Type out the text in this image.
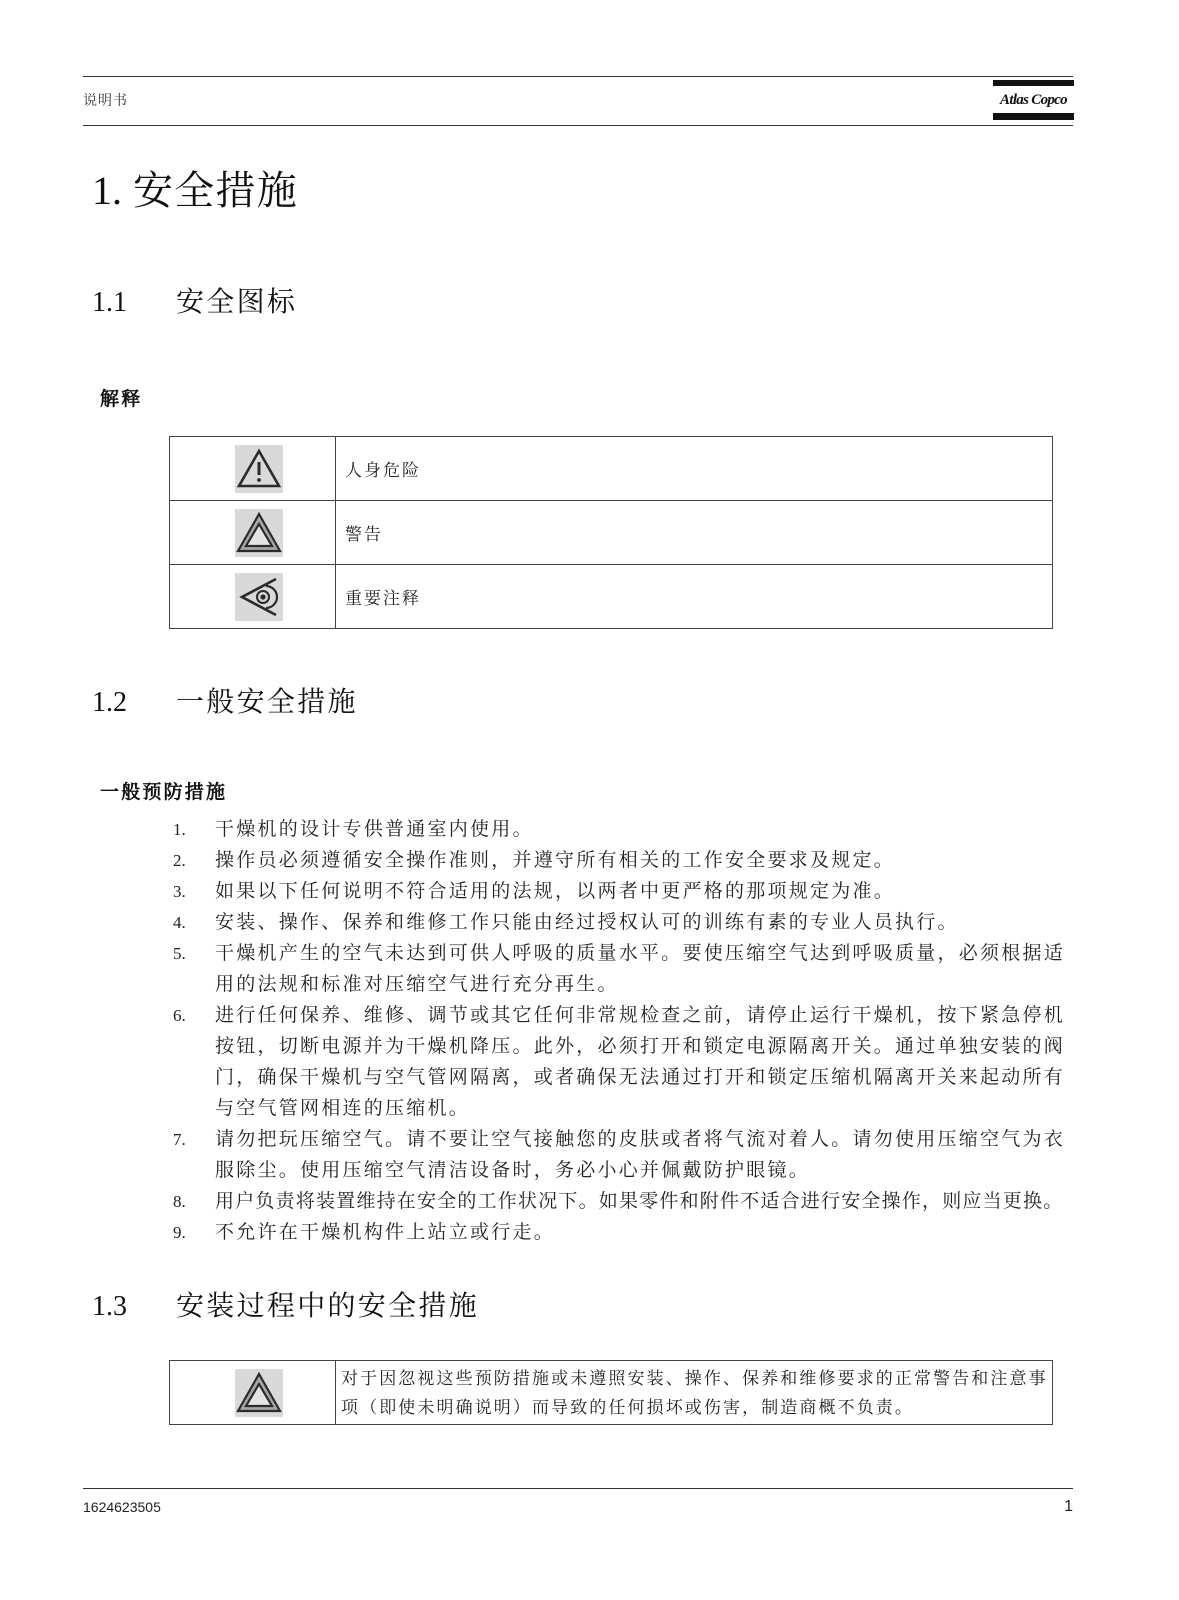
说明书	Atlas Copco
1. 安全措施
1.1 安全图标
解释
人身危险
警告
重要注释
1.2 一般安全措施
一般预防措施
1.	干燥机的设计专供普通室内使用。
2.	操作员必须遵循安全操作准则，并遵守所有相关的工作安全要求及规定。
3.	如果以下任何说明不符合适用的法规，以两者中更严格的那项规定为准。
4.	安装、操作、保养和维修工作只能由经过授权认可的训练有素的专业人员执行。
5.	干燥机产生的空气未达到可供人呼吸的质量水平。要使压缩空气达到呼吸质量，必须根据适用的法规和标准对压缩空气进行充分再生。
6.	进行任何保养、维修、调节或其它任何非常规检查之前，请停止运行干燥机，按下紧急停机按钮，切断电源并为干燥机降压。此外，必须打开和锁定电源隔离开关。通过单独安装的阀门，确保干燥机与空气管网隔离，或者确保无法通过打开和锁定压缩机隔离开关来起动所有与空气管网相连的压缩机。
7.	请勿把玩压缩空气。请不要让空气接触您的皮肤或者将气流对着人。请勿使用压缩空气为衣服除尘。使用压缩空气清洁设备时，务必小心并佩戴防护眼镜。
8.	用户负责将装置维持在安全的工作状况下。如果零件和附件不适合进行安全操作，则应当更换。
9.	不允许在干燥机构件上站立或行走。
1.3 安装过程中的安全措施
对于因忽视这些预防措施或未遵照安装、操作、保养和维修要求的正常警告和注意事项（即使未明确说明）而导致的任何损坏或伤害，制造商概不负责。
1624623505	1
